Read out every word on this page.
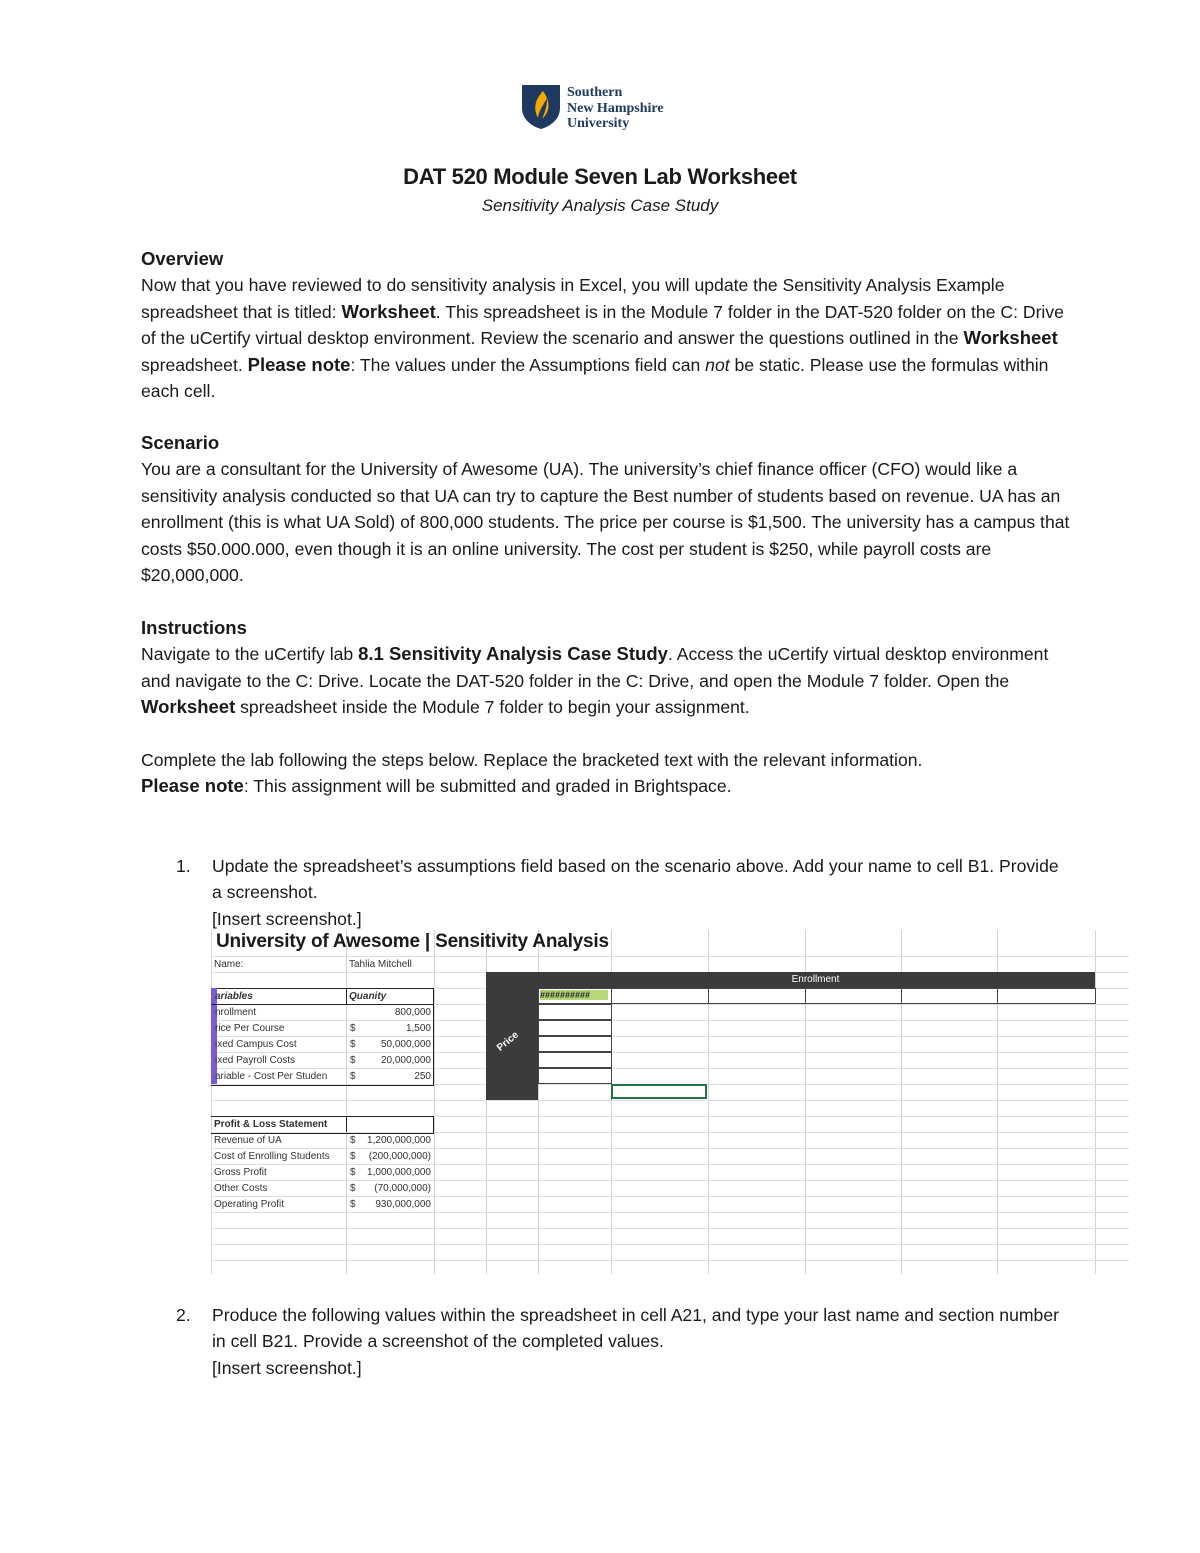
Southern
New Hampshire
University
DAT 520 Module Seven Lab Worksheet
Sensitivity Analysis Case Study
Overview

Now that you have reviewed to do sensitivity analysis in Excel, you will update the Sensitivity Analysis Example spreadsheet that is titled: Worksheet. This spreadsheet is in the Module 7 folder in the DAT-520 folder on the C: Drive of the uCertify virtual desktop environment. Review the scenario and answer the questions outlined in the Worksheet spreadsheet. Please note: The values under the Assumptions field can not be static. Please use the formulas within each cell.

Scenario

You are a consultant for the University of Awesome (UA). The university’s chief finance officer (CFO) would like a sensitivity analysis conducted so that UA can try to capture the Best number of students based on revenue. UA has an enrollment (this is what UA Sold) of 800,000 students. The price per course is $1,500. The university has a campus that costs $50.000.000, even though it is an online university. The cost per student is $250, while payroll costs are $20,000,000.

Instructions

Navigate to the uCertify lab 8.1 Sensitivity Analysis Case Study. Access the uCertify virtual desktop environment and navigate to the C: Drive. Locate the DAT-520 folder in the C: Drive, and open the Module 7 folder. Open the Worksheet spreadsheet inside the Module 7 folder to begin your assignment.

Complete the lab following the steps below. Replace the bracketed text with the relevant information.
Please note: This assignment will be submitted and graded in Brightspace.

1. Update the spreadsheet’s assumptions field based on the scenario above. Add your name to cell B1. Provide a screenshot.
[Insert screenshot.]
University of Awesome | Sensitivity Analysis
Name:	Tahlia Mitchell
ariables	Quanity
nrollment	800,000
rice Per Course	$	1,500
ixed Campus Cost	$	50,000,000
ixed Payroll Costs	$	20,000,000
ariable - Cost Per Studen	$	250
Profit & Loss Statement
Revenue of UA	$	1,200,000,000
Cost of Enrolling Students	$	(200,000,000)
Gross Profit	$	1,000,000,000
Other Costs	$	(70,000,000)
Operating Profit	$	930,000,000
Enrollment
Price
##########
2. Produce the following values within the spreadsheet in cell A21, and type your last name and section number in cell B21. Provide a screenshot of the completed values.
[Insert screenshot.]
